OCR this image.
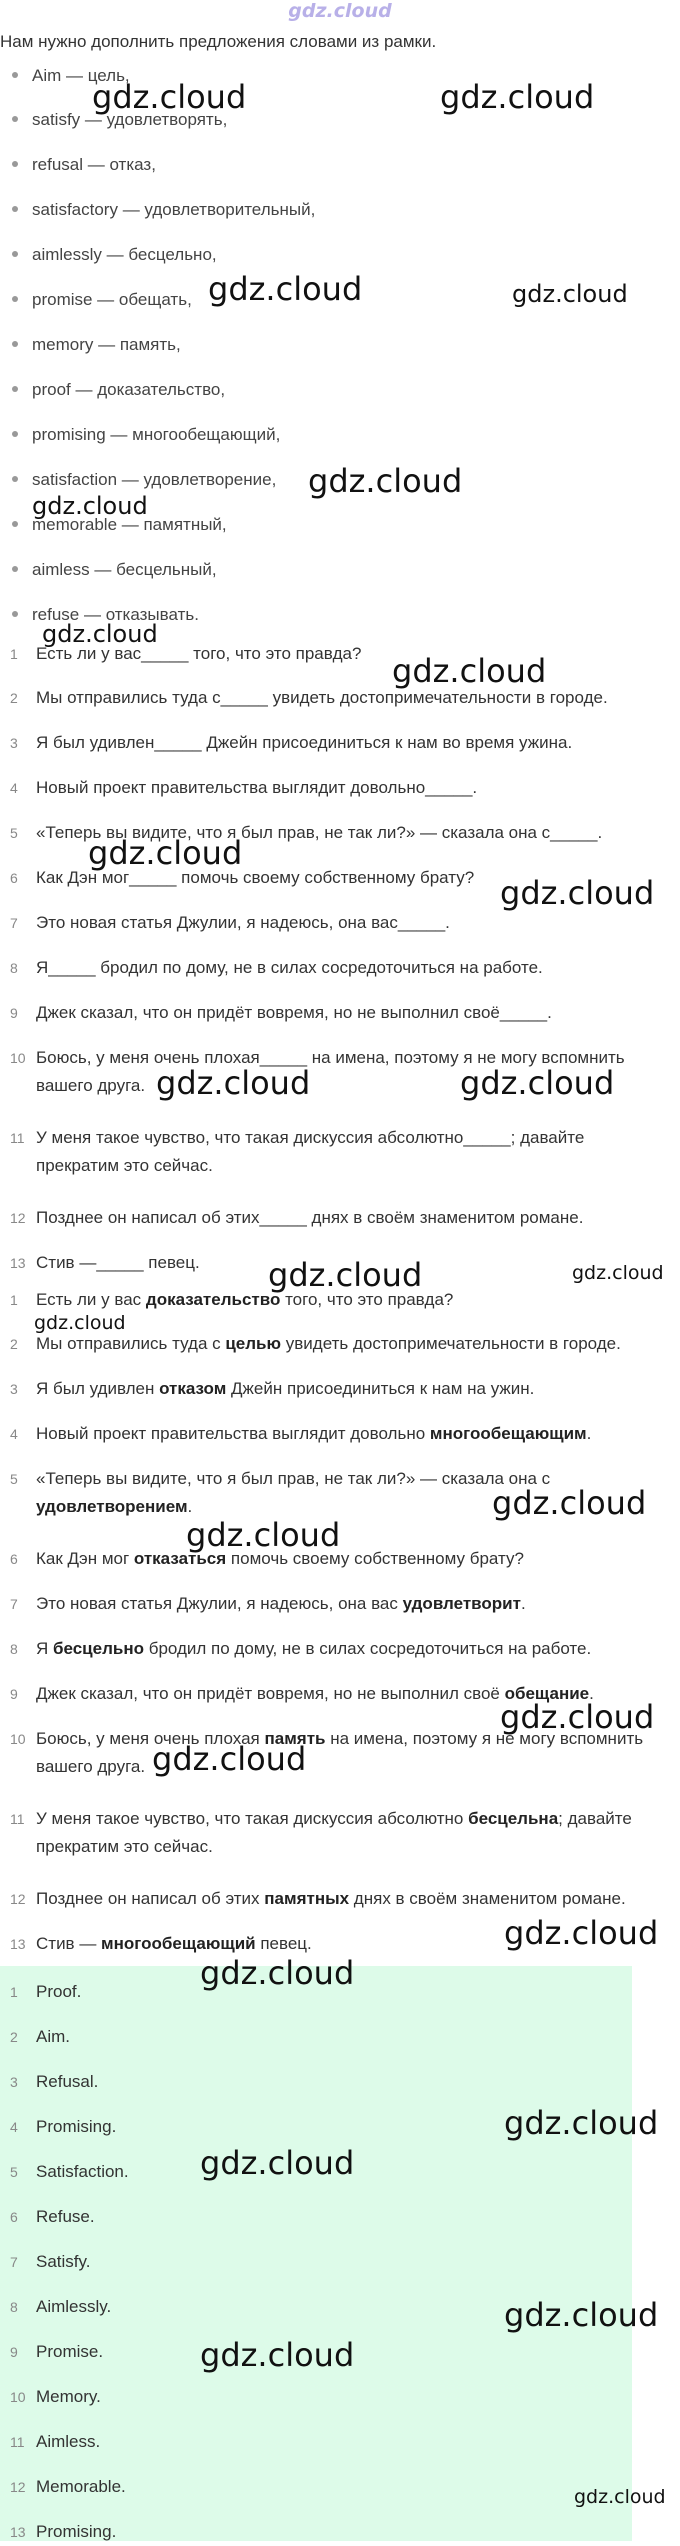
gdz.cloud
Нам нужно дополнить предложения словами из рамки.
Aim — цель,
satisfy — удовлетворять,
refusal — отказ,
satisfactory — удовлетворительный,
aimlessly — бесцельно,
promise — обещать,
memory — память,
proof — доказательство,
promising — многообещающий,
satisfaction — удовлетворение,
memorable — памятный,
aimless — бесцельный,
refuse — отказывать.
1 Есть ли у вас_____ того, что это правда?
2 Мы отправились туда с_____ увидеть достопримечательности в городе.
3 Я был удивлен_____ Джейн присоединиться к нам во время ужина.
4 Новый проект правительства выглядит довольно_____.
5 «Теперь вы видите, что я был прав, не так ли?» — сказала она с_____.
6 Как Дэн мог_____ помочь своему собственному брату?
7 Это новая статья Джулии, я надеюсь, она вас_____.
8 Я_____ бродил по дому, не в силах сосредоточиться на работе.
9 Джек сказал, что он придёт вовремя, но не выполнил своё_____.
10 Боюсь, у меня очень плохая_____ на имена, поэтому я не могу вспомнить
вашего друга.
11 У меня такое чувство, что такая дискуссия абсолютно_____; давайте
прекратим это сейчас.
12 Позднее он написал об этих_____ днях в своём знаменитом романе.
13 Стив —_____ певец.
1 Есть ли у вас доказательство того, что это правда?
2 Мы отправились туда с целью увидеть достопримечательности в городе.
3 Я был удивлен отказом Джейн присоединиться к нам на ужин.
4 Новый проект правительства выглядит довольно многообещающим.
5 «Теперь вы видите, что я был прав, не так ли?» — сказала она с
удовлетворением.
6 Как Дэн мог отказаться помочь своему собственному брату?
7 Это новая статья Джулии, я надеюсь, она вас удовлетворит.
8 Я бесцельно бродил по дому, не в силах сосредоточиться на работе.
9 Джек сказал, что он придёт вовремя, но не выполнил своё обещание.
10 Боюсь, у меня очень плохая память на имена, поэтому я не могу вспомнить
вашего друга.
11 У меня такое чувство, что такая дискуссия абсолютно бесцельна; давайте
прекратим это сейчас.
12 Позднее он написал об этих памятных днях в своём знаменитом романе.
13 Стив — многообещающий певец.
1 Proof.
2 Aim.
3 Refusal.
4 Promising.
5 Satisfaction.
6 Refuse.
7 Satisfy.
8 Aimlessly.
9 Promise.
10 Memory.
11 Aimless.
12 Memorable.
13 Promising.
gdz.cloud	gdz.cloud
gdz.cloud	gdz.cloud
gdz.cloud
gdz.cloud
gdz.cloud
gdz.cloud
gdz.cloud
gdz.cloud
gdz.cloud	gdz.cloud
gdz.cloud	gdz.cloud
gdz.cloud
gdz.cloud
gdz.cloud
gdz.cloud
gdz.cloud
gdz.cloud
gdz.cloud
gdz.cloud
gdz.cloud
gdz.cloud
gdz.cloud
gdz.cloud
